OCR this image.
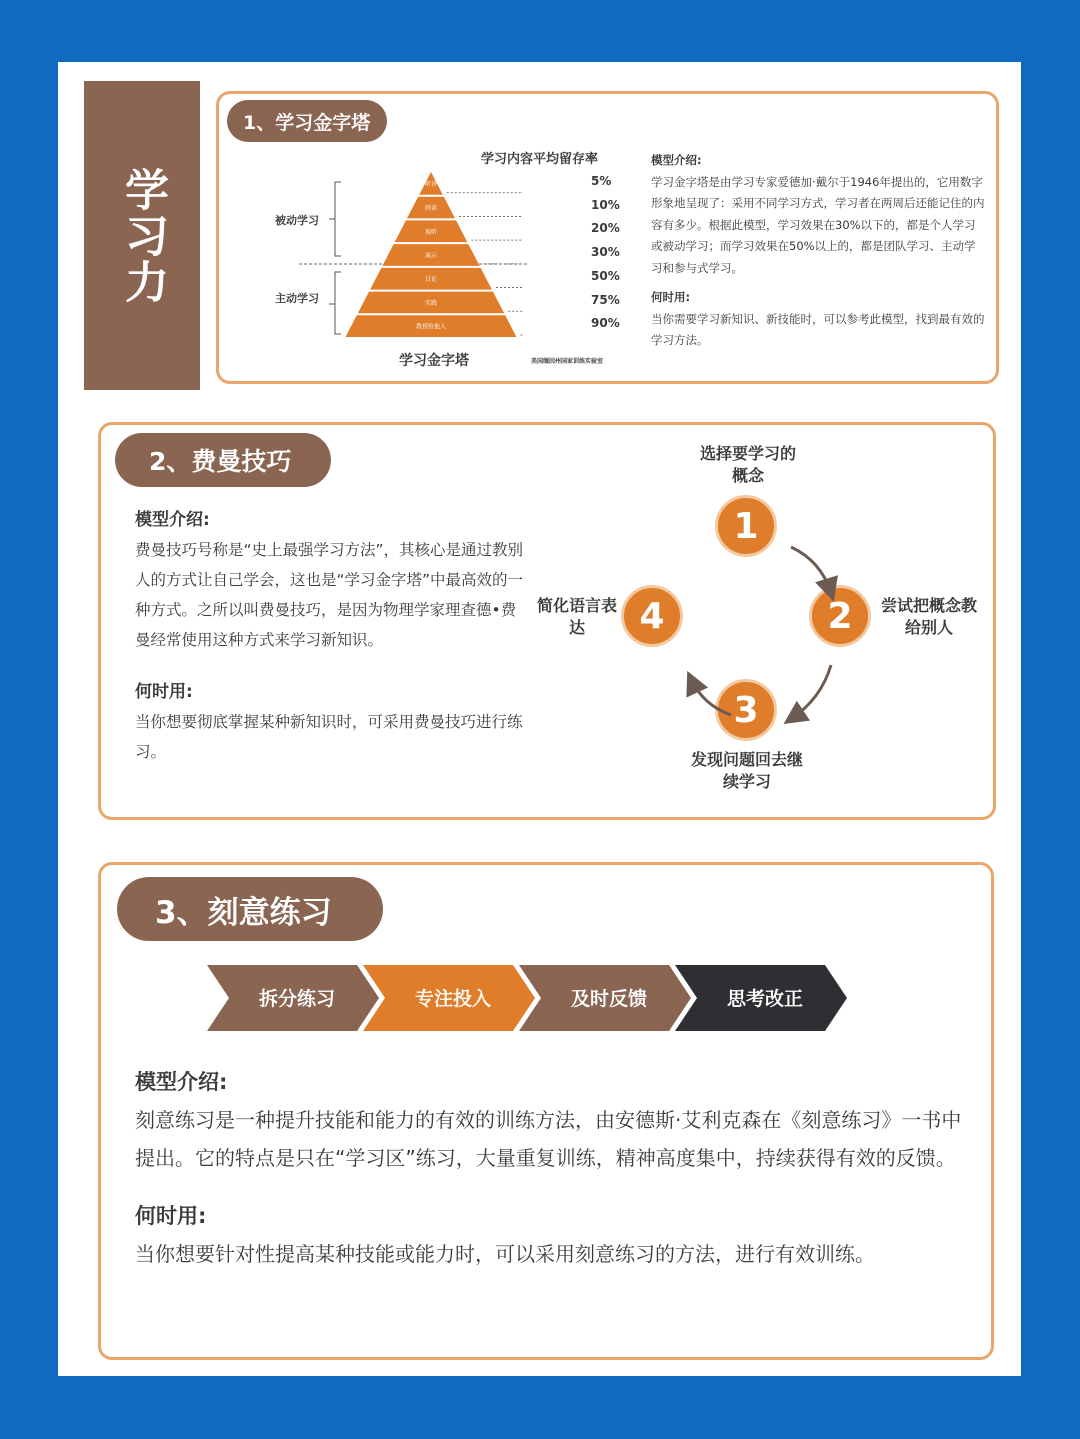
学习力
1、学习金字塔
学习内容平均留存率
听讲
阅读
视听
演示
讨论
实践
教授给他人
被动学习
主动学习
5%
10%
20%
30%
50%
75%
90%
学习金字塔	美国缅因州国家训练实验室
模型介绍:
学习金字塔是由学习专家爱德加·戴尔于1946年提出的，它用数字形象地呈现了：采用不同学习方式，学习者在两周后还能记住的内容有多少。根据此模型，学习效果在30%以下的，都是个人学习或被动学习；而学习效果在50%以上的，都是团队学习、主动学习和参与式学习。
何时用:
当你需要学习新知识、新技能时，可以参考此模型，找到最有效的学习方法。
2、费曼技巧
模型介绍:
费曼技巧号称是“史上最强学习方法”，其核心是通过教别人的方式让自己学会，这也是“学习金字塔”中最高效的一种方式。之所以叫费曼技巧，是因为物理学家理查德•费曼经常使用这种方式来学习新知识。
何时用:
当你想要彻底掌握某种新知识时，可采用费曼技巧进行练习。
选择要学习的概念
1
2	尝试把概念教给别人
3
发现问题回去继续学习
4
简化语言表达
3、刻意练习
拆分练习	专注投入	及时反馈	思考改正
模型介绍:
刻意练习是一种提升技能和能力的有效的训练方法，由安德斯·艾利克森在《刻意练习》一书中提出。它的特点是只在“学习区”练习，大量重复训练，精神高度集中，持续获得有效的反馈。
何时用:
当你想要针对性提高某种技能或能力时，可以采用刻意练习的方法，进行有效训练。
